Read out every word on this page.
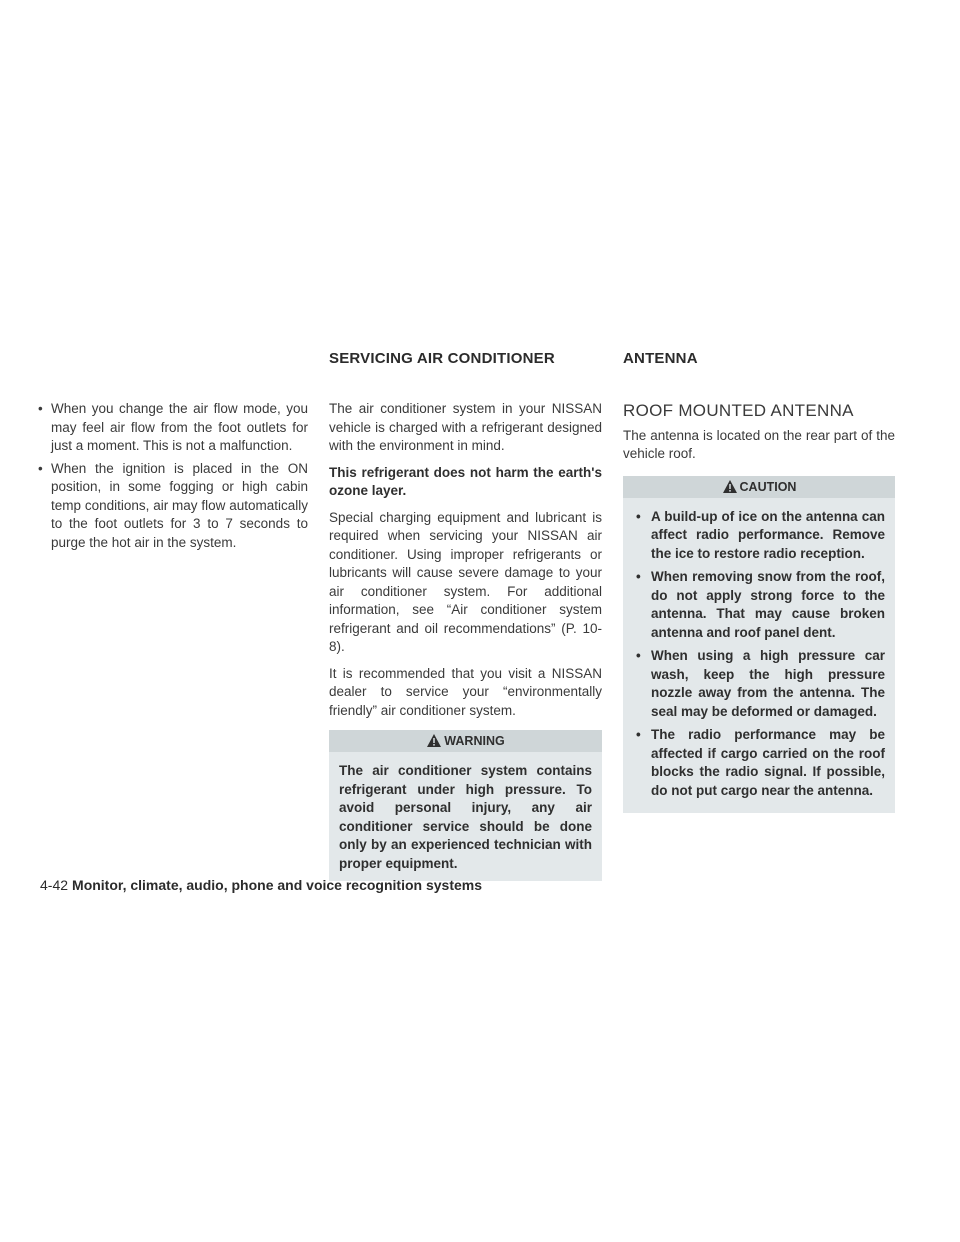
SERVICING AIR CONDITIONER	ANTENNA
• When you change the air flow mode, you may feel air flow from the foot outlets for just a moment. This is not a malfunction.
• When the ignition is placed in the ON position, in some fogging or high cabin temp conditions, air may flow automatically to the foot outlets for 3 to 7 seconds to purge the hot air in the system.

The air conditioner system in your NISSAN vehicle is charged with a refrigerant designed with the environment in mind.

This refrigerant does not harm the earth's ozone layer.

Special charging equipment and lubricant is required when servicing your NISSAN air conditioner. Using improper refrigerants or lubricants will cause severe damage to your air conditioner system. For additional information, see “Air conditioner system refrigerant and oil recommendations” (P. 10-8).

It is recommended that you visit a NISSAN dealer to service your “environmentally friendly” air conditioner system.

WARNING

The air conditioner system contains refrigerant under high pressure. To avoid personal injury, any air conditioner service should be done only by an experienced technician with proper equipment.

ROOF MOUNTED ANTENNA

The antenna is located on the rear part of the vehicle roof.

CAUTION
• A build-up of ice on the antenna can affect radio performance. Remove the ice to restore radio reception.
• When removing snow from the roof, do not apply strong force to the antenna. That may cause broken antenna and roof panel dent.
• When using a high pressure car wash, keep the high pressure nozzle away from the antenna. The seal may be deformed or damaged.
• The radio performance may be affected if cargo carried on the roof blocks the radio signal. If possible, do not put cargo near the antenna.
4-42 Monitor, climate, audio, phone and voice recognition systems
